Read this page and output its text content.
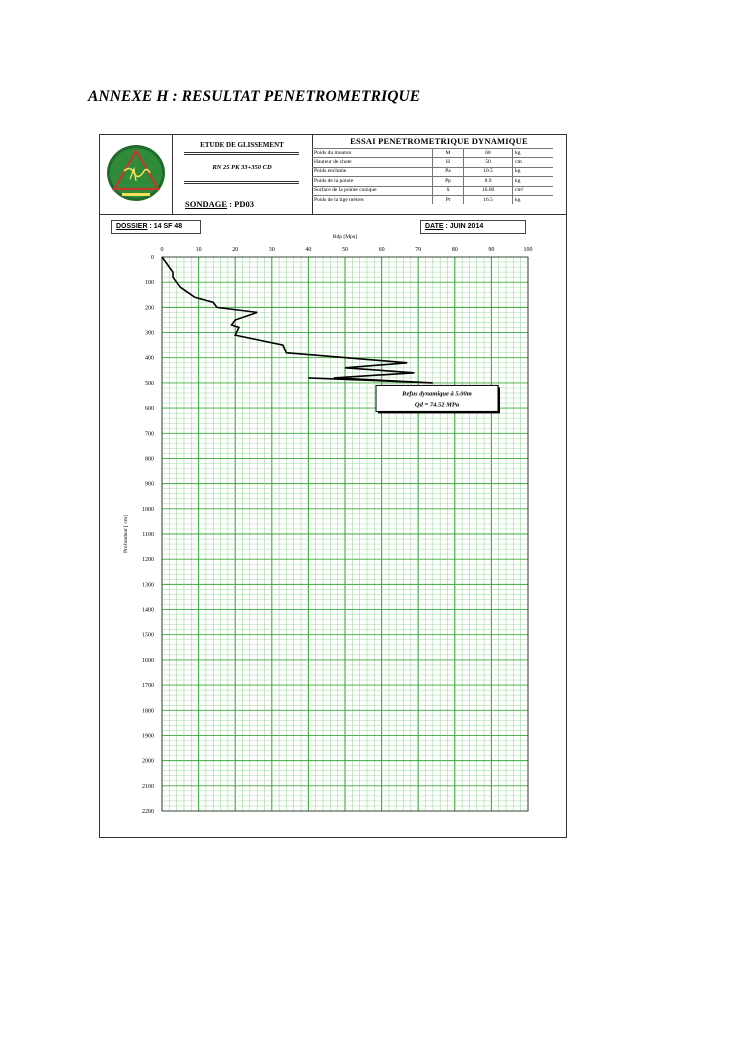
ANNEXE H : RESULTAT PENETROMETRIQUE
ETUDE DE GLISSEMENT
RN 25 PK 33+350 CD
SONDAGE : PD03
ESSAI PENETROMETRIQUE DYNAMIQUE
Poids du mouton	M	68	kg
Hauteur de chute	H	50	cm
Poids enclume	Pa	10.5	kg
Poids de la pointe	Pp	8.9	kg
Surface de la pointe conique	S	16.00	cm²
Poids de la tige mètres	Pt	16.5	kg
DOSSIER : 14 SF 48	DATE : JUIN 2014
0	10	20	30	40	50	60	70	80	90	100
0
100
200
300
400
500
600
700
800
900
1000
1100
1200
1300
1400
1500
1600
1700
1800
1900
2000
2100
2200
Rdp [Mpa]
Profondeur [ cm]
Refus dynamique à 5.00m
Qd = 74.52 MPa
